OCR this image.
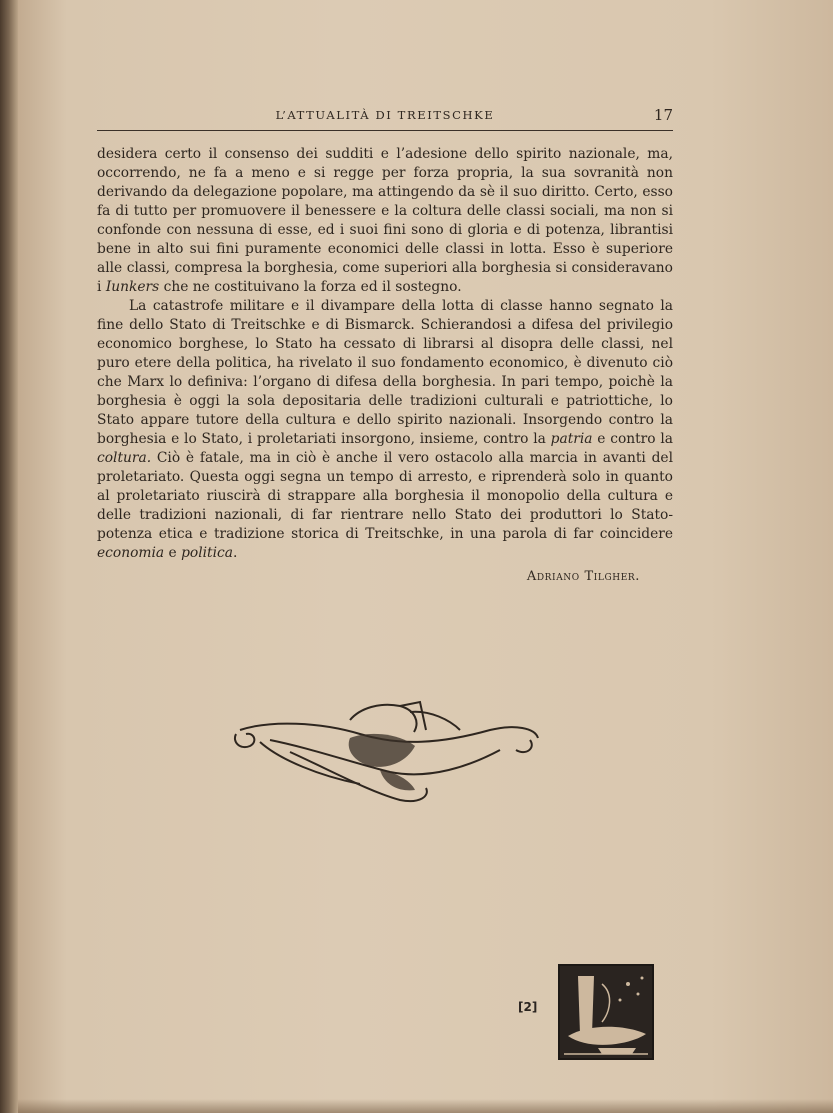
L’ATTUALITÀ DI TREITSCHKE	17

desidera certo il consenso dei sudditi e l’adesione dello spirito nazionale, ma, occorrendo, ne fa a meno e si regge per forza propria, la sua sovranità non derivando da delegazione popolare, ma attingendo da sè il suo diritto. Certo, esso fa di tutto per promuovere il benessere e la coltura delle classi sociali, ma non si confonde con nessuna di esse, ed i suoi fini sono di gloria e di potenza, librantisi bene in alto sui fini puramente economici delle classi in lotta. Esso è superiore alle classi, compresa la borghesia, come superiori alla borghesia si consideravano i Iunkers che ne costituivano la forza ed il sostegno.

La catastrofe militare e il divampare della lotta di classe hanno segnato la fine dello Stato di Treitschke e di Bismarck. Schierandosi a difesa del privilegio economico borghese, lo Stato ha cessato di librarsi al disopra delle classi, nel puro etere della politica, ha rivelato il suo fondamento economico, è divenuto ciò che Marx lo definiva: l’organo di difesa della borghesia. In pari tempo, poichè la borghesia è oggi la sola depositaria delle tradizioni culturali e patriottiche, lo Stato appare tutore della cultura e dello spirito nazionali. Insorgendo contro la borghesia e lo Stato, i proletariati insorgono, insieme, contro la patria e contro la coltura. Ciò è fatale, ma in ciò è anche il vero ostacolo alla marcia in avanti del proletariato. Questa oggi segna un tempo di arresto, e riprenderà solo in quanto al proletariato riuscirà di strappare alla borghesia il monopolio della cultura e delle tradizioni nazionali, di far rientrare nello Stato dei produttori lo Stato-potenza etica e tradizione storica di Treitschke, in una parola di far coincidere economia e politica.

Adriano Tilgher.
[2]
